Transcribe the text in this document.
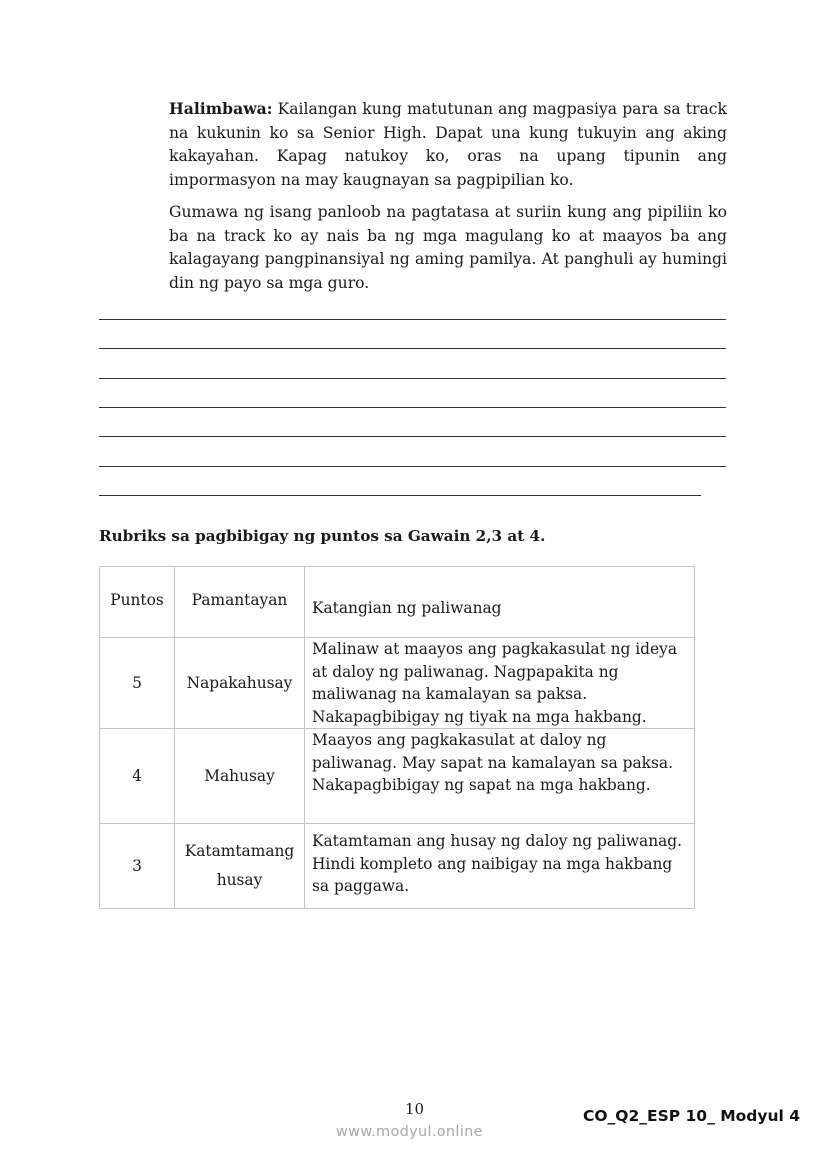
Halimbawa: Kailangan kung matutunan ang magpasiya para sa track na kukunin ko sa Senior High. Dapat una kung tukuyin ang aking kakayahan. Kapag natukoy ko, oras na upang tipunin ang impormasyon na may kaugnayan sa pagpipilian ko.

Gumawa ng isang panloob na pagtatasa at suriin kung ang pipiliin ko ba na track ko ay nais ba ng mga magulang ko at maayos ba ang kalagayang pangpinansiyal ng aming pamilya. At panghuli ay humingi din ng payo sa mga guro.

Rubriks sa pagbibigay ng puntos sa Gawain 2,3 at 4.
Puntos	Pamantayan	Katangian ng paliwanag
5	Napakahusay	Malinaw at maayos ang pagkakasulat ng ideya at daloy ng paliwanag. Nagpapakita ng maliwanag na kamalayan sa paksa. Nakapagbibigay ng tiyak na mga hakbang.
4	Mahusay	Maayos ang pagkakasulat at daloy ng paliwanag. May sapat na kamalayan sa paksa. Nakapagbibigay ng sapat na mga hakbang.
3	Katamtamang husay	Katamtaman ang husay ng daloy ng paliwanag. Hindi kompleto ang naibigay na mga hakbang sa paggawa.
10	CO_Q2_ESP 10_ Modyul 4
www.modyul.online
